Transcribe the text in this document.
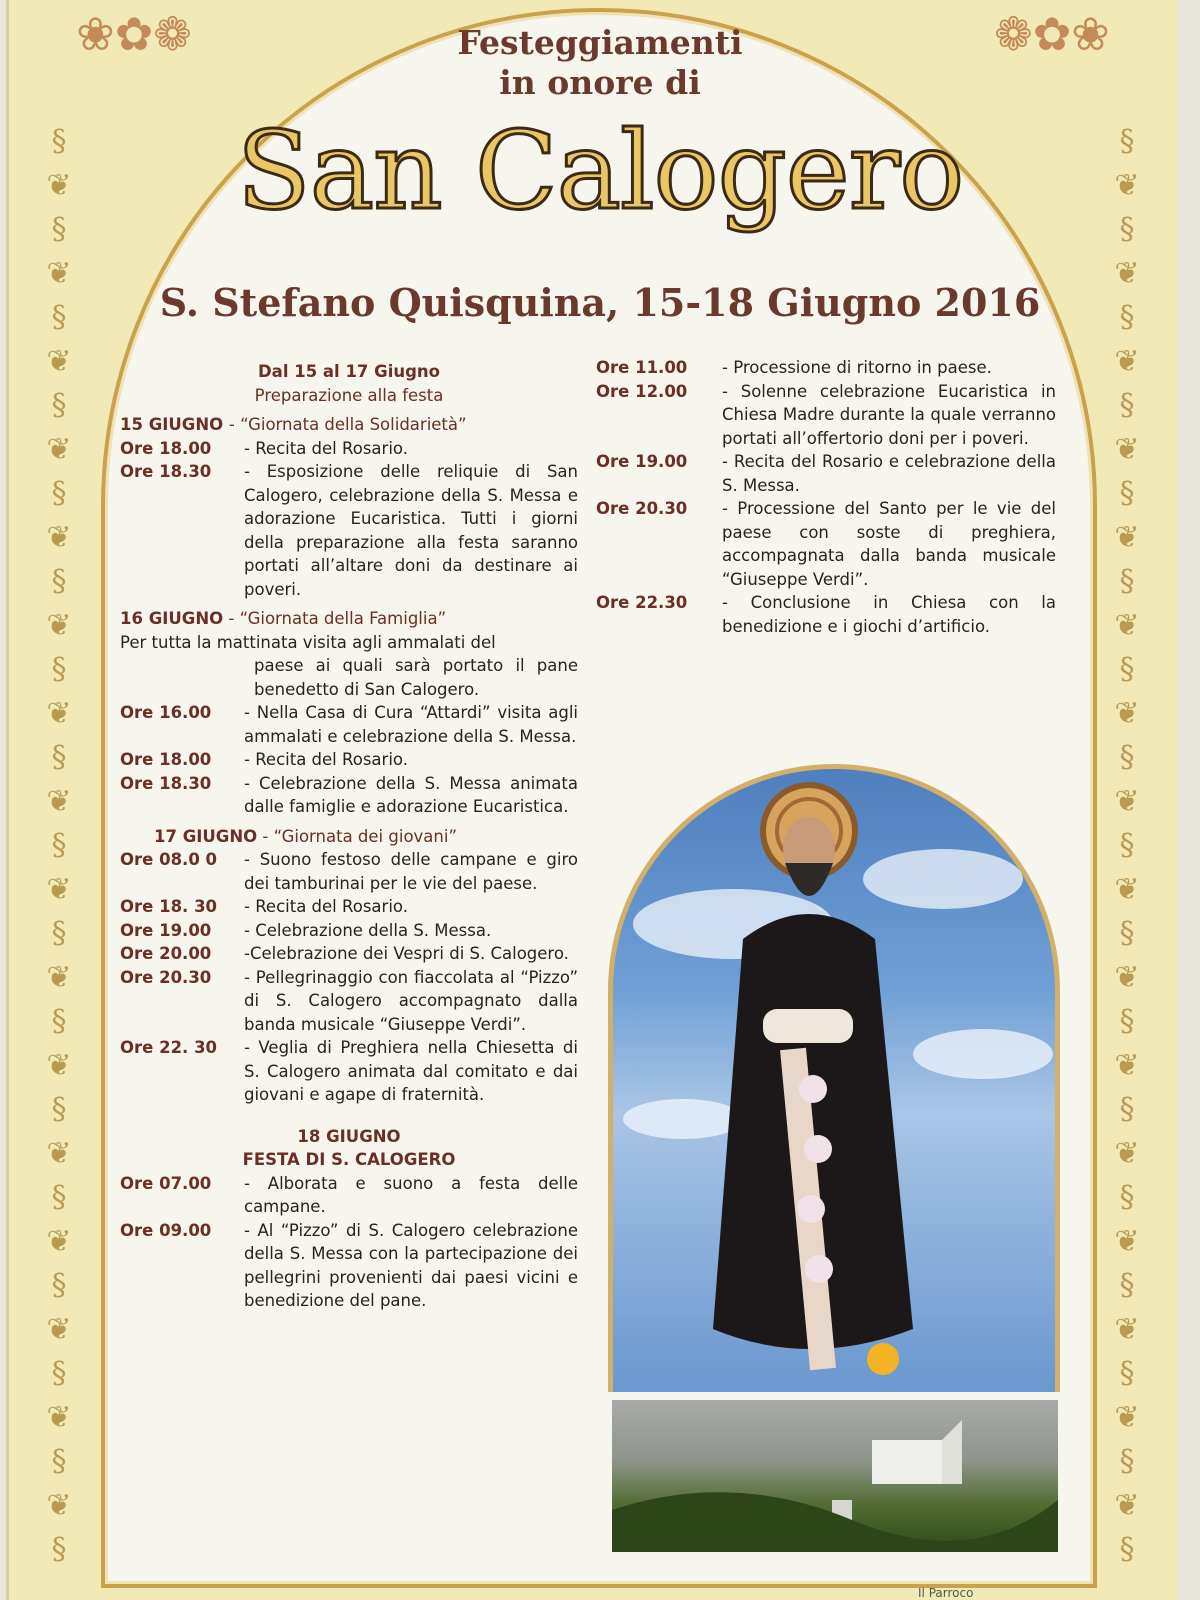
❀✿❁	❁✿❀
§
❦
§
❦
§
❦
§
❦
§
❦
§
❦
§
❦
§
❦
§
❦
§
❦
§
❦
§
❦
§
❦
§
❦
§
❦
§
❦
§
§
❦
§
❦
§
❦
§
❦
§
❦
§
❦
§
❦
§
❦
§
❦
§
❦
§
❦
§
❦
§
❦
§
❦
§
❦
§
❦
§
Festeggiamenti
in onore di
San Calogero
S. Stefano Quisquina, 15-18 Giugno 2016
Dal 15 al 17 Giugno
Preparazione alla festa
15 GIUGNO - “Giornata della Solidarietà”
Ore 18.00	- Recita del Rosario.
Ore 18.30	- Esposizione delle reliquie di San Calogero, celebrazione della S. Messa e adorazione Eucaristica. Tutti i giorni della preparazione alla festa saranno portati all’altare doni da destinare ai poveri.
16 GIUGNO - “Giornata della Famiglia”
Per tutta la mattinata visita agli ammalati del
paese ai quali sarà portato il pane benedetto di San Calogero.
Ore 16.00	- Nella Casa di Cura “Attardi” visita agli ammalati e celebrazione della S. Messa.
Ore 18.00	- Recita del Rosario.
Ore 18.30	- Celebrazione della S. Messa animata dalle famiglie e adorazione Eucaristica.
17 GIUGNO - “Giornata dei giovani”
Ore 08.0 0	- Suono festoso delle campane e giro dei tamburinai per le vie del paese.
Ore 18. 30	- Recita del Rosario.
Ore 19.00	- Celebrazione della S. Messa.
Ore 20.00	-Celebrazione dei Vespri di S. Calogero.
Ore 20.30	- Pellegrinaggio con fiaccolata al “Pizzo” di S. Calogero accompagnato dalla banda musicale “Giuseppe Verdi”.
Ore 22. 30	- Veglia di Preghiera nella Chiesetta di S. Calogero animata dal comitato e dai giovani e agape di fraternità.
18 GIUGNO
FESTA DI S. CALOGERO
Ore 07.00	- Alborata e suono a festa delle campane.
Ore 09.00	- Al “Pizzo” di S. Calogero celebrazione della S. Messa con la partecipazione dei pellegrini provenienti dai paesi vicini e benedizione del pane.
Ore 11.00	- Processione di ritorno in paese.
Ore 12.00	- Solenne celebrazione Eucaristica in Chiesa Madre durante la quale verranno portati all’offertorio doni per i poveri.
Ore 19.00	- Recita del Rosario e celebrazione della S. Messa.
Ore 20.30	- Processione del Santo per le vie del paese con soste di preghiera, accompagnata dalla banda musicale “Giuseppe Verdi”.
Ore 22.30	- Conclusione in Chiesa con la benedizione e i giochi d’artificio.
Il Parroco
